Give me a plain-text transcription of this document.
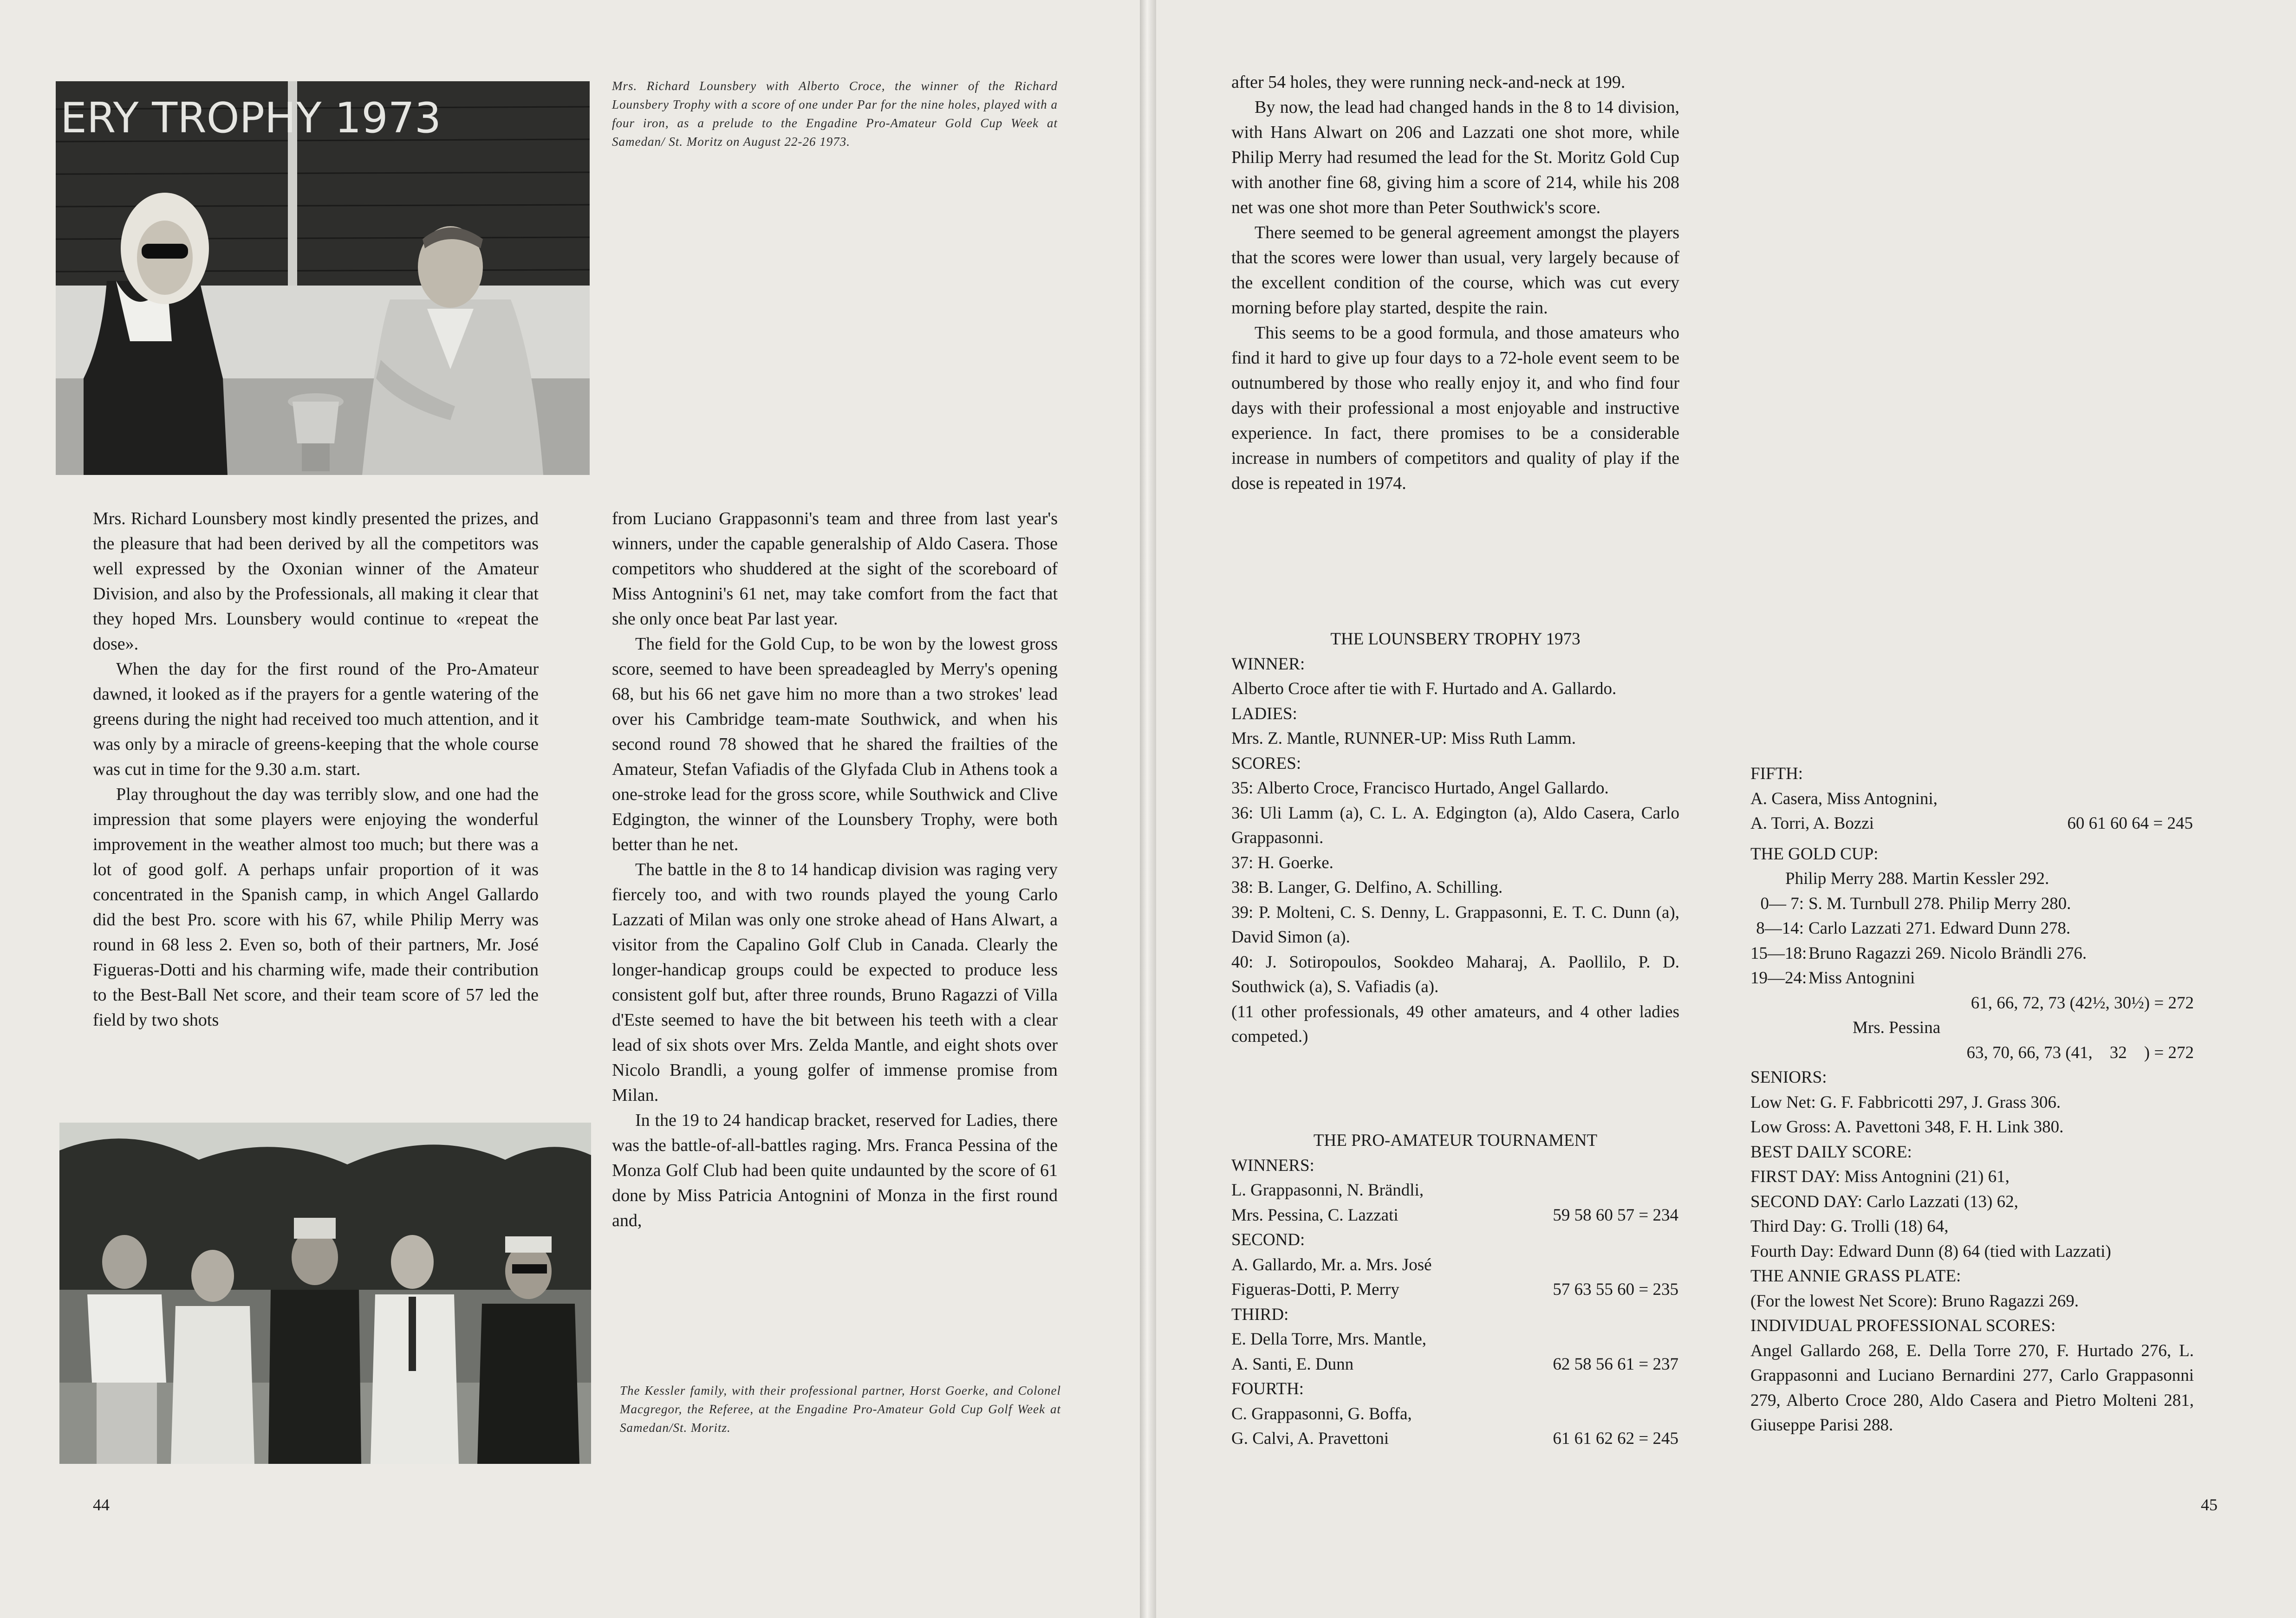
ERY TROPHY 1973
Mrs. Richard Lounsbery with Alberto Croce, the winner of the Richard Lounsbery Trophy with a score of one under Par for the nine holes, played with a four iron, as a prelude to the Engadine Pro-Amateur Gold Cup Week at Samedan/ St. Moritz on August 22-26 1973.

Mrs. Richard Lounsbery most kindly presented the prizes, and the pleasure that had been derived by all the competitors was well expressed by the Oxonian winner of the Amateur Division, and also by the Professionals, all making it clear that they hoped Mrs. Lounsbery would continue to «repeat the dose».

When the day for the first round of the Pro-Amateur dawned, it looked as if the prayers for a gentle watering of the greens during the night had received too much attention, and it was only by a miracle of greens-keeping that the whole course was cut in time for the 9.30 a.m. start.

Play throughout the day was terribly slow, and one had the impression that some players were enjoying the wonderful improvement in the weather almost too much; but there was a lot of good golf. A perhaps unfair proportion of it was concentrated in the Spanish camp, in which Angel Gallardo did the best Pro. score with his 67, while Philip Merry was round in 68 less 2. Even so, both of their partners, Mr. José Figueras-Dotti and his charming wife, made their contribution to the Best-Ball Net score, and their team score of 57 led the field by two shots

from Luciano Grappasonni's team and three from last year's winners, under the capable generalship of Aldo Casera. Those competitors who shuddered at the sight of the scoreboard of Miss Antognini's 61 net, may take comfort from the fact that she only once beat Par last year.

The field for the Gold Cup, to be won by the lowest gross score, seemed to have been spreadeagled by Merry's opening 68, but his 66 net gave him no more than a two strokes' lead over his Cambridge team-mate Southwick, and when his second round 78 showed that he shared the frailties of the Amateur, Stefan Vafiadis of the Glyfada Club in Athens took a one-stroke lead for the gross score, while Southwick and Clive Edgington, the winner of the Lounsbery Trophy, were both better than he net.

The battle in the 8 to 14 handicap division was raging very fiercely too, and with two rounds played the young Carlo Lazzati of Milan was only one stroke ahead of Hans Alwart, a visitor from the Capalino Golf Club in Canada. Clearly the longer-handicap groups could be expected to produce less consistent golf but, after three rounds, Bruno Ragazzi of Villa d'Este seemed to have the bit between his teeth with a clear lead of six shots over Mrs. Zelda Mantle, and eight shots over Nicolo Brandli, a young golfer of immense promise from Milan.

In the 19 to 24 handicap bracket, reserved for Ladies, there was the battle-of-all-battles raging. Mrs. Franca Pessina of the Monza Golf Club had been quite undaunted by the score of 61 done by Miss Patricia Antognini of Monza in the first round and,

The Kessler family, with their professional partner, Horst Goerke, and Colonel Macgregor, the Referee, at the Engadine Pro-Amateur Gold Cup Golf Week at Samedan/St. Moritz.
44

after 54 holes, they were running neck-and-neck at 199.

By now, the lead had changed hands in the 8 to 14 division, with Hans Alwart on 206 and Lazzati one shot more, while Philip Merry had resumed the lead for the St. Moritz Gold Cup with another fine 68, giving him a score of 214, while his 208 net was one shot more than Peter Southwick's score.

There seemed to be general agreement amongst the players that the scores were lower than usual, very largely because of the excellent condition of the course, which was cut every morning before play started, despite the rain.

This seems to be a good formula, and those amateurs who find it hard to give up four days to a 72-hole event seem to be outnumbered by those who really enjoy it, and who find four days with their professional a most enjoyable and instructive experience. In fact, there promises to be a considerable increase in numbers of competitors and quality of play if the dose is repeated in 1974.

THE LOUNSBERY TROPHY 1973
WINNER:
Alberto Croce after tie with F. Hurtado and A. Gallardo.
LADIES:
Mrs. Z. Mantle, RUNNER-UP: Miss Ruth Lamm.
SCORES:
35: Alberto Croce, Francisco Hurtado, Angel Gallardo.
36: Uli Lamm (a), C. L. A. Edgington (a), Aldo Casera, Carlo Grappasonni.
37: H. Goerke.
38: B. Langer, G. Delfino, A. Schilling.
39: P. Molteni, C. S. Denny, L. Grappasonni, E. T. C. Dunn (a), David Simon (a).
40: J. Sotiropoulos, Sookdeo Maharaj, A. Paollilo, P. D. Southwick (a), S. Vafiadis (a).
(11 other professionals, 49 other amateurs, and 4 other ladies competed.)
THE PRO-AMATEUR TOURNAMENT
WINNERS:
L. Grappasonni, N. Brändli,
Mrs. Pessina, C. Lazzati	59 58 60 57 = 234
SECOND:
A. Gallardo, Mr. a. Mrs. José
Figueras-Dotti, P. Merry	57 63 55 60 = 235
THIRD:
E. Della Torre, Mrs. Mantle,
A. Santi, E. Dunn	62 58 56 61 = 237
FOURTH:
C. Grappasonni, G. Boffa,
G. Calvi, A. Pravettoni	61 61 62 62 = 245
FIFTH:
A. Casera, Miss Antognini,
A. Torri, A. Bozzi	60 61 60 64 = 245
THE GOLD CUP:
Philip Merry 288. Martin Kessler 292.
0— 7: S. M. Turnbull 278. Philip Merry 280.
8—14: Carlo Lazzati 271. Edward Dunn 278.
15—18: Bruno Ragazzi 269. Nicolo Brändli 276.
19—24: Miss Antognini
61, 66, 72, 73 (42½, 30½) = 272
Mrs. Pessina
63, 70, 66, 73 (41,    32    ) = 272
SENIORS:
Low Net: G. F. Fabbricotti 297, J. Grass 306.
Low Gross: A. Pavettoni 348, F. H. Link 380.
BEST DAILY SCORE:
FIRST DAY: Miss Antognini (21) 61,
SECOND DAY: Carlo Lazzati (13) 62,
Third Day: G. Trolli (18) 64,
Fourth Day: Edward Dunn (8) 64 (tied with Lazzati)
THE ANNIE GRASS PLATE:
(For the lowest Net Score): Bruno Ragazzi 269.
INDIVIDUAL PROFESSIONAL SCORES:
Angel Gallardo 268, E. Della Torre 270, F. Hurtado 276, L. Grappasonni and Luciano Bernardini 277, Carlo Grappasonni 279, Alberto Croce 280, Aldo Casera and Pietro Molteni 281, Giuseppe Parisi 288.
45
